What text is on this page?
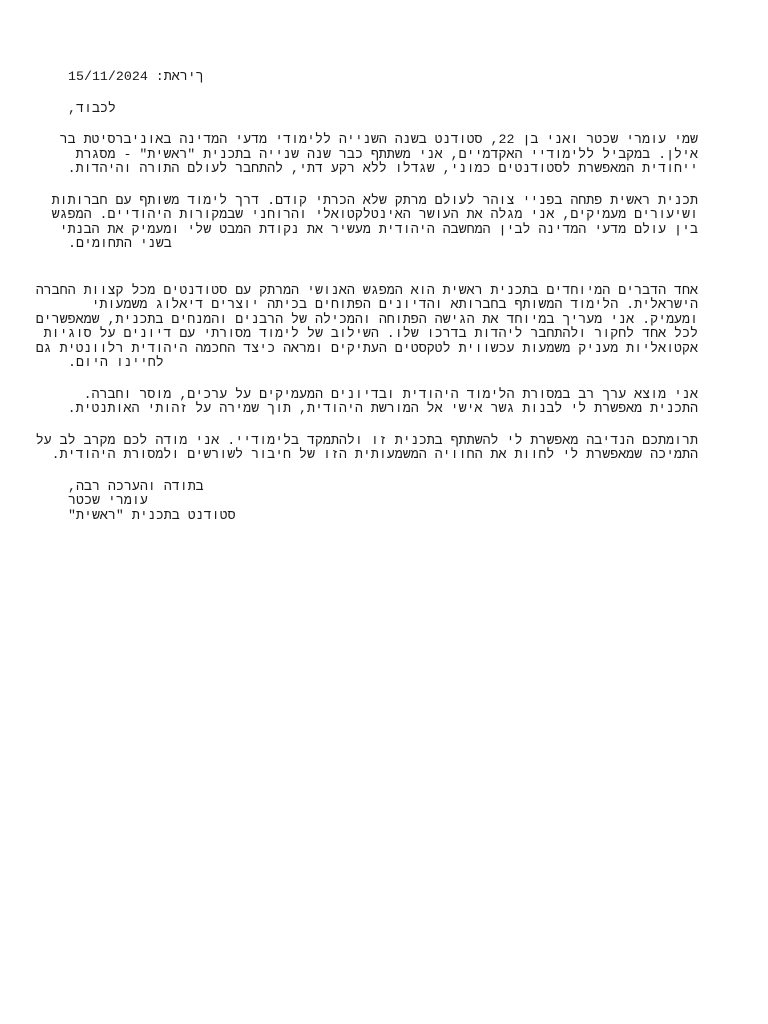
15/11/2024 :תאריך
לכבוד,
שמי עומרי שכטר ואני בן 22, סטודנט בשנה השנייה ללימודי מדעי המדינה באוניברסיטת בר
אילן. במקביל ללימודיי האקדמיים, אני משתתף כבר שנה שנייה בתכנית "ראשית" - מסגרת
ייחודית המאפשרת לסטודנטים כמוני, שגדלו ללא רקע דתי, להתחבר לעולם התורה והיהדות.
תכנית ראשית פתחה בפניי צוהר לעולם מרתק שלא הכרתי קודם. דרך לימוד משותף עם חברותות
ושיעורים מעמיקים, אני מגלה את העושר האינטלקטואלי והרוחני שבמקורות היהודיים. המפגש
בין עולם מדעי המדינה לבין המחשבה היהודית מעשיר את נקודת המבט שלי ומעמיק את הבנתי
בשני התחומים.
אחד הדברים המיוחדים בתכנית ראשית הוא המפגש האנושי המרתק עם סטודנטים מכל קצוות החברה
הישראלית. הלימוד המשותף בחברותא והדיונים הפתוחים בכיתה יוצרים דיאלוג משמעותי
ומעמיק. אני מעריך במיוחד את הגישה הפתוחה והמכילה של הרבנים והמנחים בתכנית, שמאפשרים
לכל אחד לחקור ולהתחבר ליהדות בדרכו שלו. השילוב של לימוד מסורתי עם דיונים על סוגיות
אקטואליות מעניק משמעות עכשווית לטקסטים העתיקים ומראה כיצד החכמה היהודית רלוונטית גם
לחיינו היום.
אני מוצא ערך רב במסורת הלימוד היהודית ובדיונים המעמיקים על ערכים, מוסר וחברה.
התכנית מאפשרת לי לבנות גשר אישי אל המורשת היהודית, תוך שמירה על זהותי האותנטית.
תרומתכם הנדיבה מאפשרת לי להשתתף בתכנית זו ולהתמקד בלימודיי. אני מודה לכם מקרב לב על
התמיכה שמאפשרת לי לחוות את החוויה המשמעותית הזו של חיבור לשורשים ולמסורת היהודית.
בתודה והערכה רבה,
עומרי שכטר
סטודנט בתכנית "ראשית"
